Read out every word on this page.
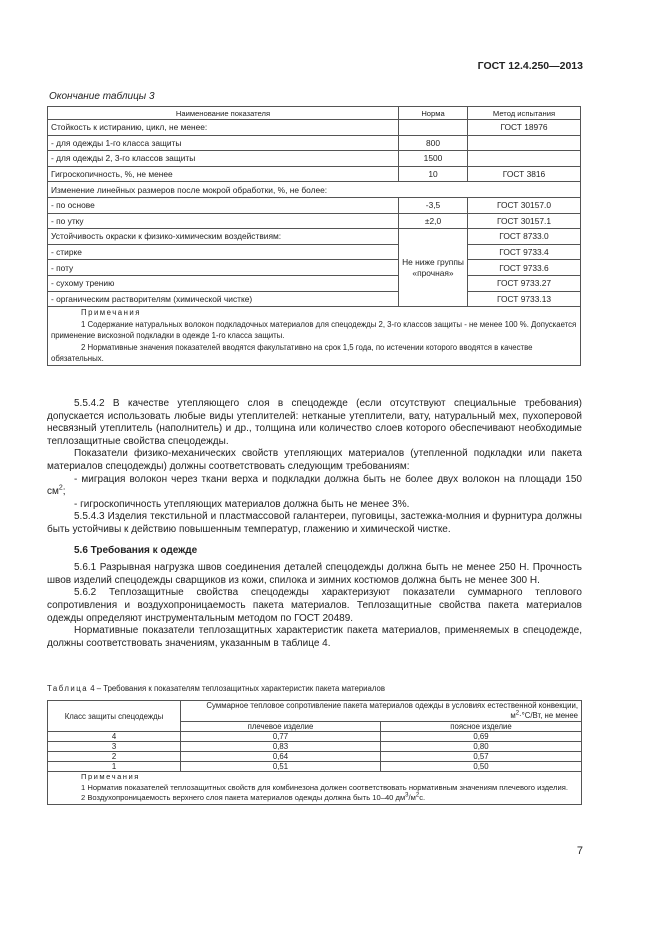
ГОСТ 12.4.250—2013
Окончание таблицы 3
Наименование показателя	Норма	Метод испытания
Стойкость к истиранию, цикл, не менее:		ГОСТ 18976
- для одежды 1-го класса защиты	800	
- для одежды 2, 3-го классов защиты	1500	
Гигроскопичность, %, не менее	10	ГОСТ 3816
Изменение линейных размеров после мокрой обработки, %, не более:		
- по основе	-3,5	ГОСТ 30157.0
- по утку	±2,0	ГОСТ 30157.1
Устойчивость окраски к физико-химическим воздействиям:	Не ниже группы «прочная»	ГОСТ 8733.0
- стирке		ГОСТ 9733.4
- поту		ГОСТ 9733.6
- сухому трению		ГОСТ 9733.27
- органическим растворителям (химической чистке)		ГОСТ 9733.13

Примечания

1 Содержание натуральных волокон подкладочных материалов для спецодежды 2, 3-го классов защиты - не менее 100 %. Допускается применение вискозной подкладки в одежде 1-го класса защиты.

2 Нормативные значения показателей вводятся факультативно на срок 1,5 года, по истечении которого вводятся в качестве обязательных.		

5.5.4.2 В качестве утепляющего слоя в спецодежде (если отсутствуют специальные требования) допускается использовать любые виды утеплителей: нетканые утеплители, вату, натуральный мех, пухоперовой несвязный утеплитель (наполнитель) и др., толщина или количество слоев которого обеспечивают необходимые теплозащитные свойства спецодежды.

Показатели физико-механических свойств утепляющих материалов (утепленной подкладки или пакета материалов спецодежды) должны соответствовать следующим требованиям:

- миграция волокон через ткани верха и подкладки должна быть не более двух волокон на площади 150 $см^2$;

- гигроскопичность утепляющих материалов должна быть не менее 3%.

5.5.4.3 Изделия текстильной и пластмассовой галантереи, пуговицы, застежка-молния и фурнитура должны быть устойчивы к действию повышенным температур, глажению и химической чистке.

5.6 Требования к одежде

5.6.1 Разрывная нагрузка швов соединения деталей спецодежды должна быть не менее 250 Н. Прочность швов изделий спецодежды сварщиков из кожи, спилока и зимних костюмов должна быть не менее 300 Н.

5.6.2 Теплозащитные свойства спецодежды характеризуют показатели суммарного теплового сопротивления и воздухопроницаемость пакета материалов. Теплозащитные свойства пакета материалов одежды определяют инструментальным методом по ГОСТ 20489.

Нормативные показатели теплозащитных характеристик пакета материалов, применяемых в спецодежде, должны соответствовать значениям, указанным в таблице 4.

Таблица 4 – Требования к показателям теплозащитных характеристик пакета материалов
Класс защиты спецодежды	Суммарное тепловое сопротивление пакета материалов одежды в условиях естественной конвекции, $м^2\cdot^\circ С/Вт$, не менее	
	плечевое изделие	поясное изделие
4	0,77	0,69
3	0,83	0,80
2	0,64	0,57
1	0,51	0,50

Примечания

1 Норматив показателей теплозащитных свойств для комбинезона должен соответствовать нормативным значениям плечевого изделия.

2 Воздухопроницаемость верхнего слоя пакета материалов одежды должна быть 10–40 $дм^3/м^2с$.		

7
